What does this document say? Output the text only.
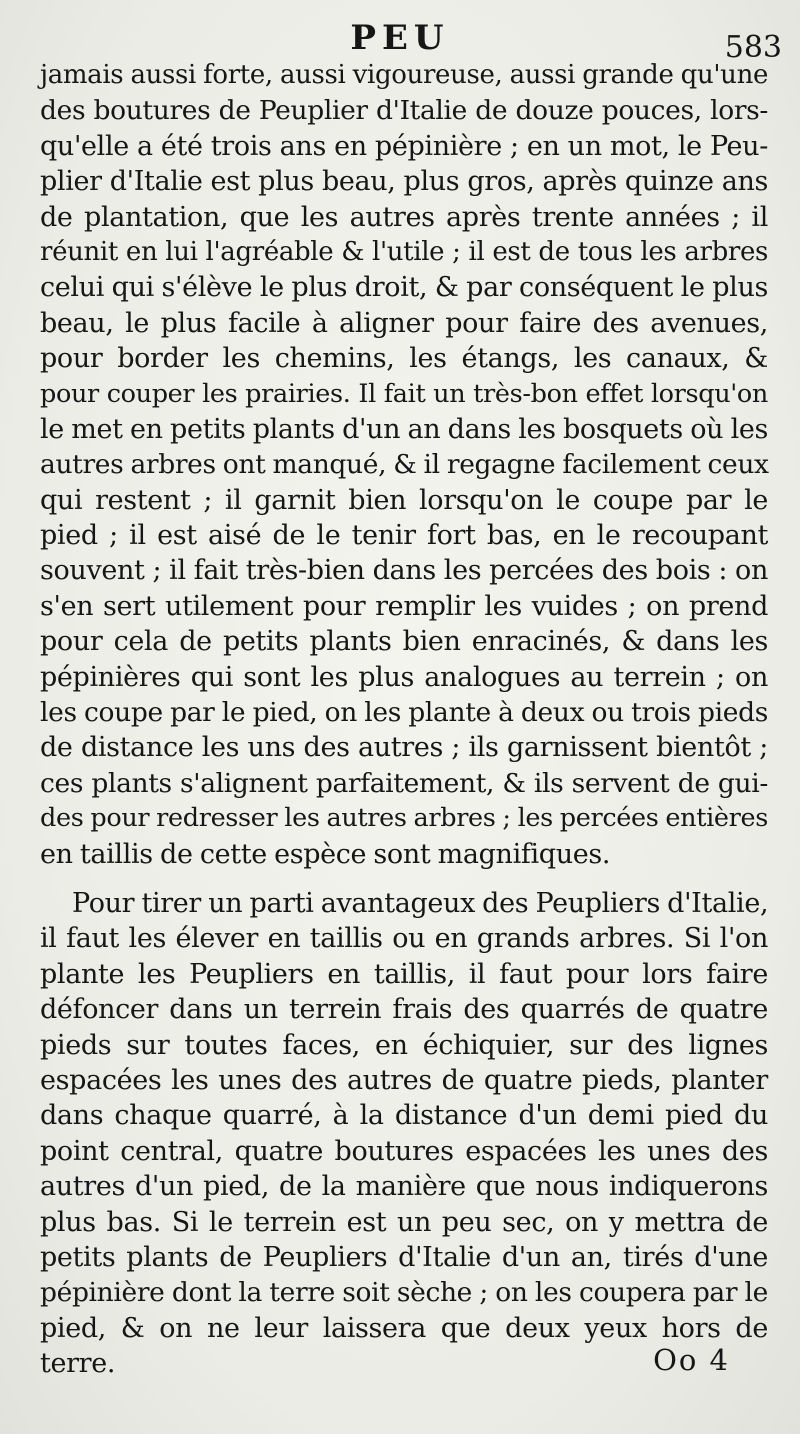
PEU	583
jamais aussi forte, aussi vigoureuse, aussi grande qu'une
des boutures de Peuplier d'Italie de douze pouces, lors-
qu'elle a été trois ans en pépinière ; en un mot, le Peu-
plier d'Italie est plus beau, plus gros, après quinze ans
de plantation, que les autres après trente années ; il
réunit en lui l'agréable & l'utile ; il est de tous les arbres
celui qui s'élève le plus droit, & par conséquent le plus
beau, le plus facile à aligner pour faire des avenues,
pour border les chemins, les étangs, les canaux, &
pour couper les prairies. Il fait un très-bon effet lorsqu'on
le met en petits plants d'un an dans les bosquets où les
autres arbres ont manqué, & il regagne facilement ceux
qui restent ; il garnit bien lorsqu'on le coupe par le
pied ; il est aisé de le tenir fort bas, en le recoupant
souvent ; il fait très-bien dans les percées des bois : on
s'en sert utilement pour remplir les vuides ; on prend
pour cela de petits plants bien enracinés, & dans les
pépinières qui sont les plus analogues au terrein ; on
les coupe par le pied, on les plante à deux ou trois pieds
de distance les uns des autres ; ils garnissent bientôt ;
ces plants s'alignent parfaitement, & ils servent de gui-
des pour redresser les autres arbres ; les percées entières
en taillis de cette espèce sont magnifiques.
Pour tirer un parti avantageux des Peupliers d'Italie,
il faut les élever en taillis ou en grands arbres. Si l'on
plante les Peupliers en taillis, il faut pour lors faire
défoncer dans un terrein frais des quarrés de quatre
pieds sur toutes faces, en échiquier, sur des lignes
espacées les unes des autres de quatre pieds, planter
dans chaque quarré, à la distance d'un demi pied du
point central, quatre boutures espacées les unes des
autres d'un pied, de la manière que nous indiquerons
plus bas. Si le terrein est un peu sec, on y mettra de
petits plants de Peupliers d'Italie d'un an, tirés d'une
pépinière dont la terre soit sèche ; on les coupera par le
pied, & on ne leur laissera que deux yeux hors de
terre.	Oo 4
